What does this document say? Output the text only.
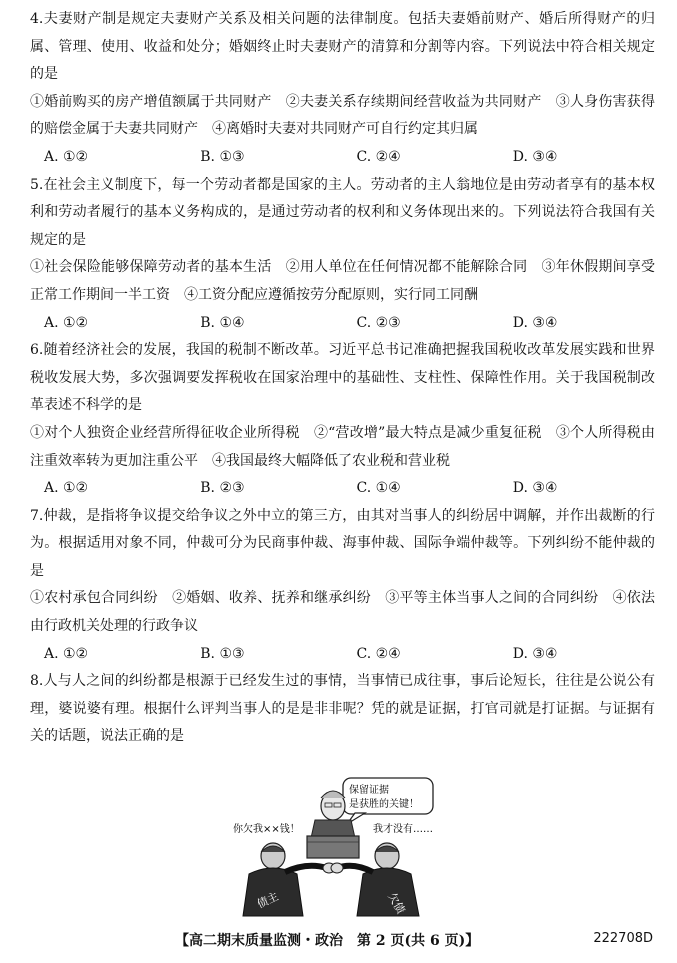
4.夫妻财产制是规定夫妻财产关系及相关问题的法律制度。包括夫妻婚前财产、婚后所得财产的归属、管理、使用、收益和处分；婚姻终止时夫妻财产的清算和分割等内容。下列说法中符合相关规定的是
①婚前购买的房产增值额属于共同财产　②夫妻关系存续期间经营收益为共同财产　③人身伤害获得的赔偿金属于夫妻共同财产　④离婚时夫妻对共同财产可自行约定其归属
A. ①②	B. ①③	C. ②④	D. ③④
5.在社会主义制度下，每一个劳动者都是国家的主人。劳动者的主人翁地位是由劳动者享有的基本权利和劳动者履行的基本义务构成的，是通过劳动者的权利和义务体现出来的。下列说法符合我国有关规定的是
①社会保险能够保障劳动者的基本生活　②用人单位在任何情况都不能解除合同　③年休假期间享受正常工作期间一半工资　④工资分配应遵循按劳分配原则，实行同工同酬
A. ①②	B. ①④	C. ②③	D. ③④
6.随着经济社会的发展，我国的税制不断改革。习近平总书记准确把握我国税收改革发展实践和世界税收发展大势，多次强调要发挥税收在国家治理中的基础性、支柱性、保障性作用。关于我国税制改革表述不科学的是
①对个人独资企业经营所得征收企业所得税　②“营改增”最大特点是减少重复征税　③个人所得税由注重效率转为更加注重公平　④我国最终大幅降低了农业税和营业税
A. ①②	B. ②③	C. ①④	D. ③④
7.仲裁，是指将争议提交给争议之外中立的第三方，由其对当事人的纠纷居中调解，并作出裁断的行为。根据适用对象不同，仲裁可分为民商事仲裁、海事仲裁、国际争端仲裁等。下列纠纷不能仲裁的是
①农村承包合同纠纷　②婚姻、收养、抚养和继承纠纷　③平等主体当事人之间的合同纠纷　④依法由行政机关处理的行政争议
A. ①②	B. ①③	C. ②④	D. ③④
8.人与人之间的纠纷都是根源于已经发生过的事情，当事情已成往事，事后论短长，往往是公说公有理，婆说婆有理。根据什么评判当事人的是是非非呢？凭的就是证据，打官司就是打证据。与证据有关的话题，说法正确的是
保留证据
是获胜的关键！
你欠我××钱！	我才没有……
债主	欠债
【高二期末质量监测・政治　第 2 页(共 6 页)】	222708D
